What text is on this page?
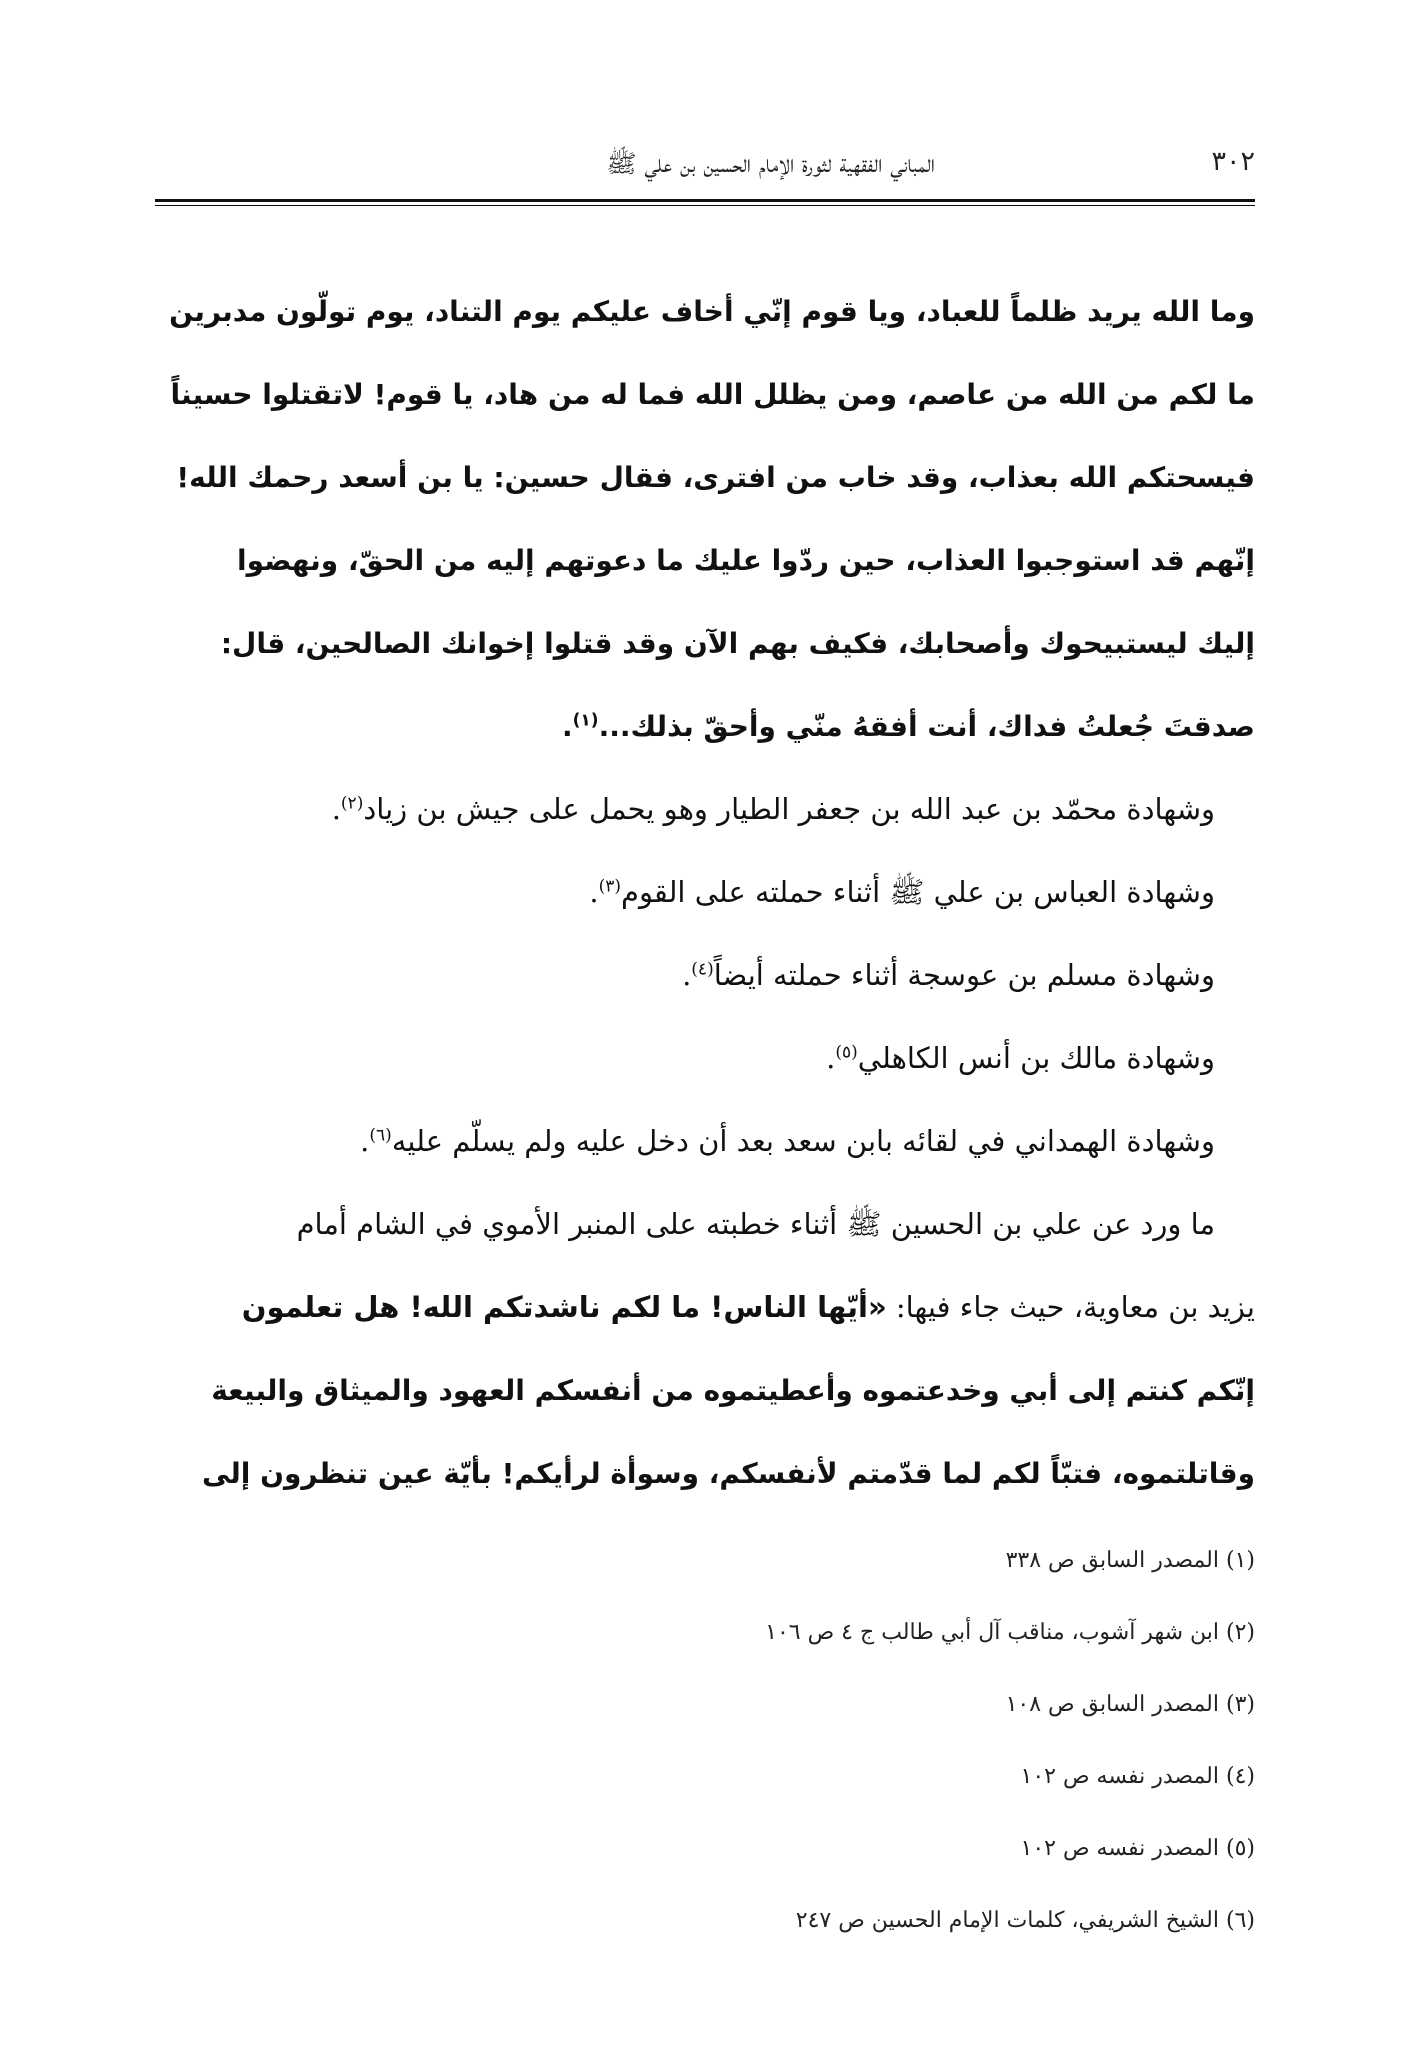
٣٠٢
المباني الفقهية لثورة الإمام الحسين بن علي ﷺ
وما الله يريد ظلماً للعباد، ويا قوم إنّي أخاف عليكم يوم التناد، يوم تولّون مدبرين
ما لكم من الله من عاصم، ومن يظلل الله فما له من هاد، يا قوم! لاتقتلوا حسيناً
فيسحتكم الله بعذاب، وقد خاب من افترى، فقال حسين: يا بن أسعد رحمك الله!
إنّهم قد استوجبوا العذاب، حين ردّوا عليك ما دعوتهم إليه من الحقّ، ونهضوا
إليك ليستبيحوك وأصحابك، فكيف بهم الآن وقد قتلوا إخوانك الصالحين، قال:
صدقتَ جُعلتُ فداك، أنت أفقهُ منّي وأحقّ بذلك...$^{(١)}$.
وشهادة محمّد بن عبد الله بن جعفر الطيار وهو يحمل على جيش بن زياد$^{(٢)}$.
وشهادة العباس بن علي ﷺ أثناء حملته على القوم$^{(٣)}$.
وشهادة مسلم بن عوسجة أثناء حملته أيضاً$^{(٤)}$.
وشهادة مالك بن أنس الكاهلي$^{(٥)}$.
وشهادة الهمداني في لقائه بابن سعد بعد أن دخل عليه ولم يسلّم عليه$^{(٦)}$.
ما ورد عن علي بن الحسين ﷺ أثناء خطبته على المنبر الأموي في الشام أمام
يزيد بن معاوية، حيث جاء فيها: «أيّها الناس! ما لكم ناشدتكم الله! هل تعلمون
إنّكم كنتم إلى أبي وخدعتموه وأعطيتموه من أنفسكم العهود والميثاق والبيعة
وقاتلتموه، فتبّاً لكم لما قدّمتم لأنفسكم، وسوأة لرأيكم! بأيّة عين تنظرون إلى
(١) المصدر السابق ص ٣٣٨
(٢) ابن شهر آشوب، مناقب آل أبي طالب ج ٤ ص ١٠٦
(٣) المصدر السابق ص ١٠٨
(٤) المصدر نفسه ص ١٠٢
(٥) المصدر نفسه ص ١٠٢
(٦) الشيخ الشريفي، كلمات الإمام الحسين ص ٢٤٧
